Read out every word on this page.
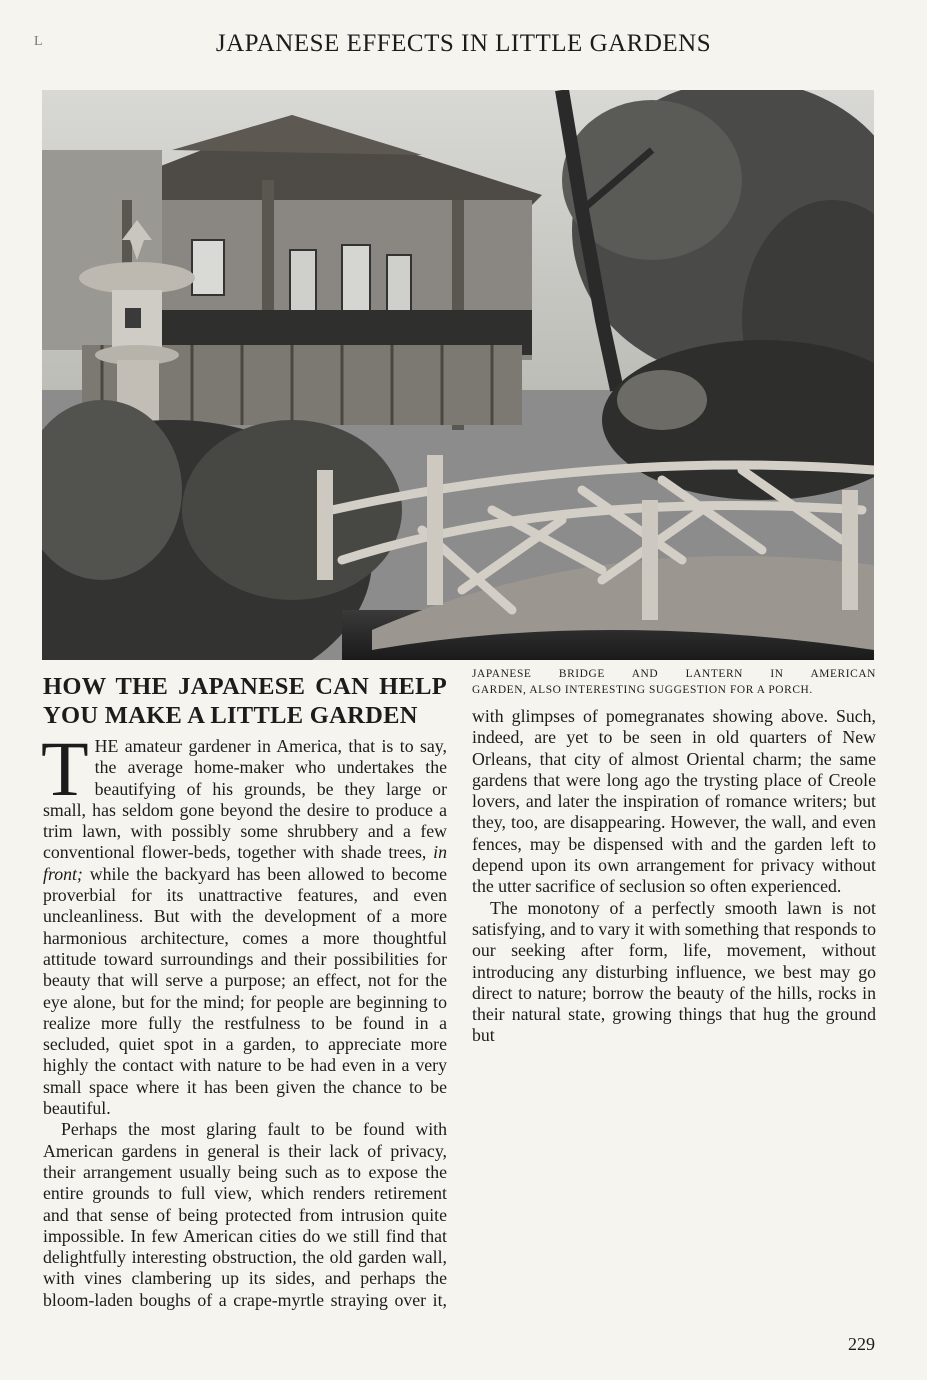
L	JAPANESE EFFECTS IN LITTLE GARDENS
JAPANESE BRIDGE AND LANTERN IN AMERICAN
GARDEN, ALSO INTERESTING SUGGESTION FOR A PORCH.
HOW THE JAPANESE CAN HELP YOU MAKE A LITTLE GARDEN

THE amateur gardener in America, that is to say, the average home-maker who undertakes the beautifying of his grounds, be they large or small, has seldom gone beyond the desire to produce a trim lawn, with possibly some shrubbery and a few conventional flower-beds, together with shade trees, in front; while the backyard has been allowed to become proverbial for its unattractive features, and even uncleanliness. But with the development of a more harmonious architecture, comes a more thoughtful attitude toward surroundings and their possibilities for beauty that will serve a purpose; an effect, not for the eye alone, but for the mind; for people are beginning to realize more fully the restfulness to be found in a secluded, quiet spot in a garden, to appreciate more highly the contact with nature to be had even in a very small space where it has been given the chance to be beautiful.

Perhaps the most glaring fault to be found with American gardens in general is their lack of privacy, their arrangement usually being such as to expose the entire grounds to full view, which renders retirement and that sense of being protected from intrusion quite impossible. In few American cities do we still find that delightfully interesting obstruction, the old garden wall, with vines clambering up its sides, and perhaps the bloom-laden boughs of a crape-myrtle straying over it,

with glimpses of pomegranates showing above. Such, indeed, are yet to be seen in old quarters of New Orleans, that city of almost Oriental charm; the same gardens that were long ago the trysting place of Creole lovers, and later the inspiration of romance writers; but they, too, are disappearing. However, the wall, and even fences, may be dispensed with and the garden left to depend upon its own arrangement for privacy without the utter sacrifice of seclusion so often experienced.

The monotony of a perfectly smooth lawn is not satisfying, and to vary it with something that responds to our seeking after form, life, movement, without introducing any disturbing influence, we best may go direct to nature; borrow the beauty of the hills, rocks in their natural state, growing things that hug the ground but

229
